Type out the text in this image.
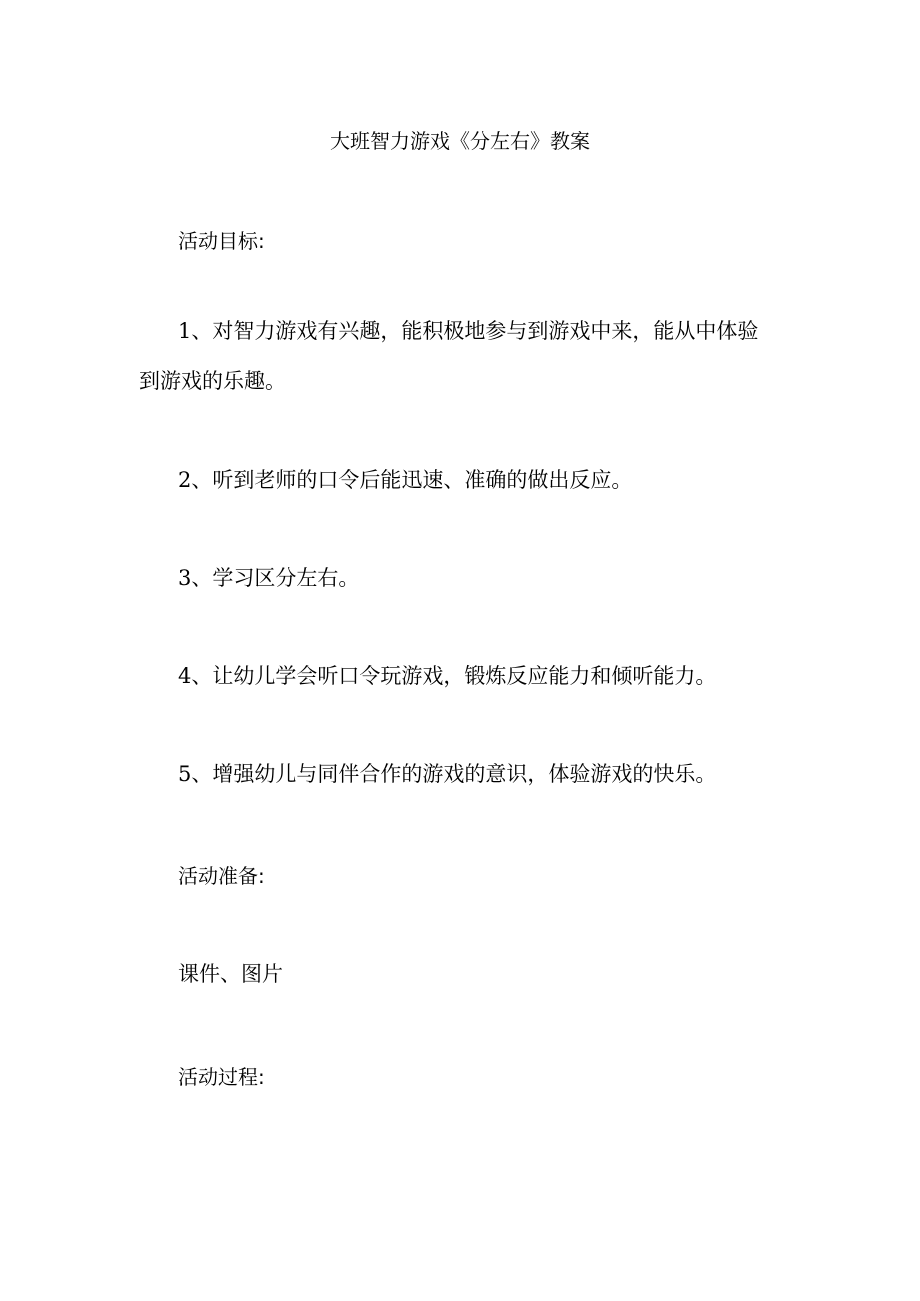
大班智力游戏《分左右》教案
活动目标:
1、对智力游戏有兴趣，能积极地参与到游戏中来，能从中体验
到游戏的乐趣。
2、听到老师的口令后能迅速、准确的做出反应。
3、学习区分左右。
4、让幼儿学会听口令玩游戏，锻炼反应能力和倾听能力。
5、增强幼儿与同伴合作的游戏的意识，体验游戏的快乐。
活动准备:
课件、图片
活动过程:
